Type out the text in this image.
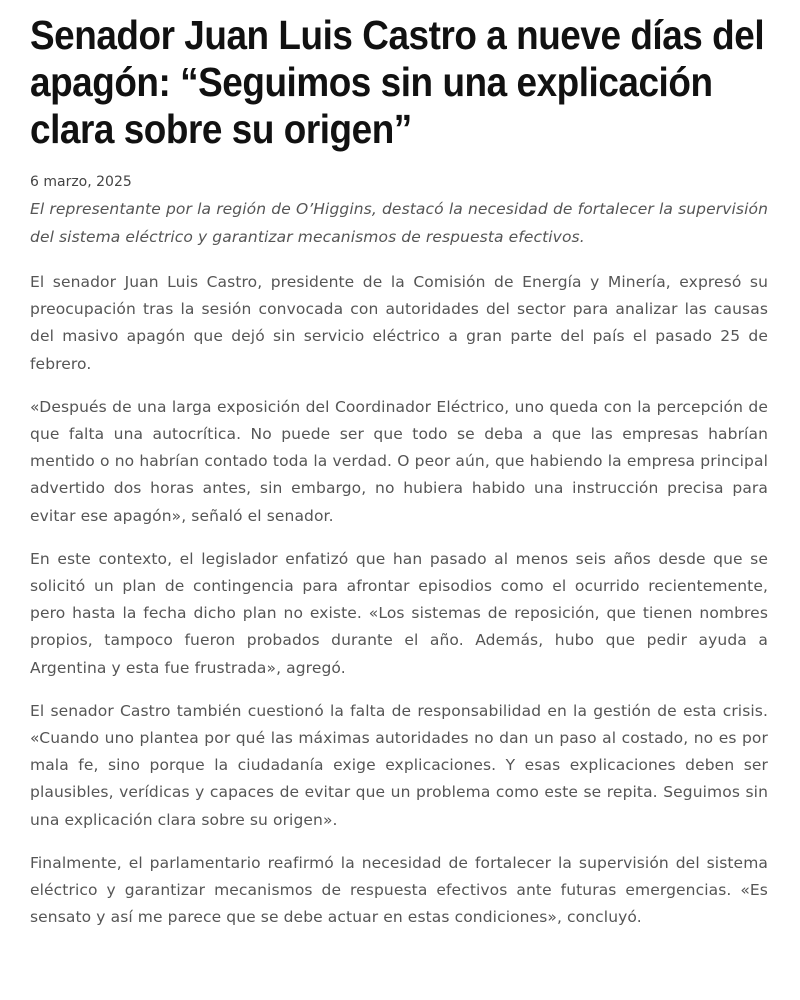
Senador Juan Luis Castro a nueve días del apagón: “Seguimos sin una explicación clara sobre su origen”
6 marzo, 2025

El representante por la región de O’Higgins, destacó la necesidad de fortalecer la supervisión del sistema eléctrico y garantizar mecanismos de respuesta efectivos.

El senador Juan Luis Castro, presidente de la Comisión de Energía y Minería, expresó su preocupación tras la sesión convocada con autoridades del sector para analizar las causas del masivo apagón que dejó sin servicio eléctrico a gran parte del país el pasado 25 de febrero.

«Después de una larga exposición del Coordinador Eléctrico, uno queda con la percepción de que falta una autocrítica. No puede ser que todo se deba a que las empresas habrían mentido o no habrían contado toda la verdad. O peor aún, que habiendo la empresa principal advertido dos horas antes, sin embargo, no hubiera habido una instrucción precisa para evitar ese apagón», señaló el senador.

En este contexto, el legislador enfatizó que han pasado al menos seis años desde que se solicitó un plan de contingencia para afrontar episodios como el ocurrido recientemente, pero hasta la fecha dicho plan no existe. «Los sistemas de reposición, que tienen nombres propios, tampoco fueron probados durante el año. Además, hubo que pedir ayuda a Argentina y esta fue frustrada», agregó.

El senador Castro también cuestionó la falta de responsabilidad en la gestión de esta crisis. «Cuando uno plantea por qué las máximas autoridades no dan un paso al costado, no es por mala fe, sino porque la ciudadanía exige explicaciones. Y esas explicaciones deben ser plausibles, verídicas y capaces de evitar que un problema como este se repita. Seguimos sin una explicación clara sobre su origen».

Finalmente, el parlamentario reafirmó la necesidad de fortalecer la supervisión del sistema eléctrico y garantizar mecanismos de respuesta efectivos ante futuras emergencias. «Es sensato y así me parece que se debe actuar en estas condiciones», concluyó.
